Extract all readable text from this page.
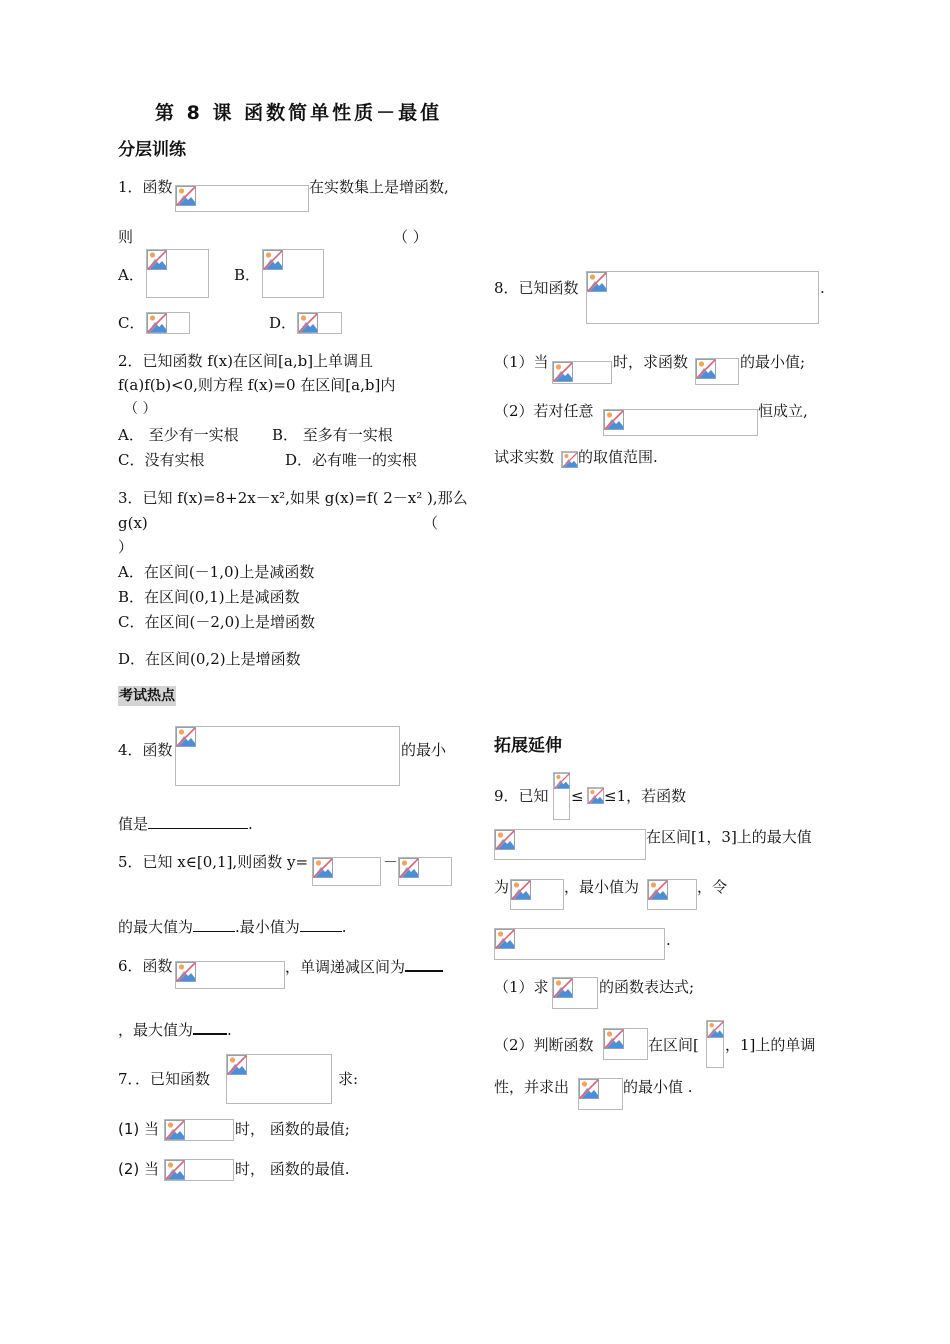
第 8 课 函数简单性质－最值
分层训练
1．函数	在实数集上是增函数,
则	（ ）
A．	B．
C．	D．
2．已知函数 f(x)在区间[a,b]上单调且
f(a)f(b)<0,则方程 f(x)=0 在区间[a,b]内
（ ）
A． 至少有一实根 B． 至多有一实根
C．没有实根	D．必有唯一的实根
3．已知 f(x)=8+2x－x²,如果 g(x)=f( 2－x² ),那么
g(x)	（
）
A．在区间(－1,0)上是减函数
B．在区间(0,1)上是减函数
C．在区间(－2,0)上是增函数
D．在区间(0,2)上是增函数
考试热点
4．函数	的最小
值是	.
5．已知 x∈[0,1],则函数 y=	－
的最大值为	.最小值为	.
6．函数	，单调递减区间为
，最大值为 .
7．．已知函数	求:
(1) 当	时， 函数的最值;
(2) 当	时， 函数的最值.
8．已知函数	.
（1）当	时，求函数	的最小值;
（2）若对任意	恒成立,
试求实数 的取值范围.
拓展延伸
9．已知 ≤ ≤1，若函数
在区间[1，3]上的最大值
为	，最小值为	，令
.
（1）求	的函数表达式;
（2）判断函数	在区间[ ，1]上的单调
性，并求出	的最小值 .
